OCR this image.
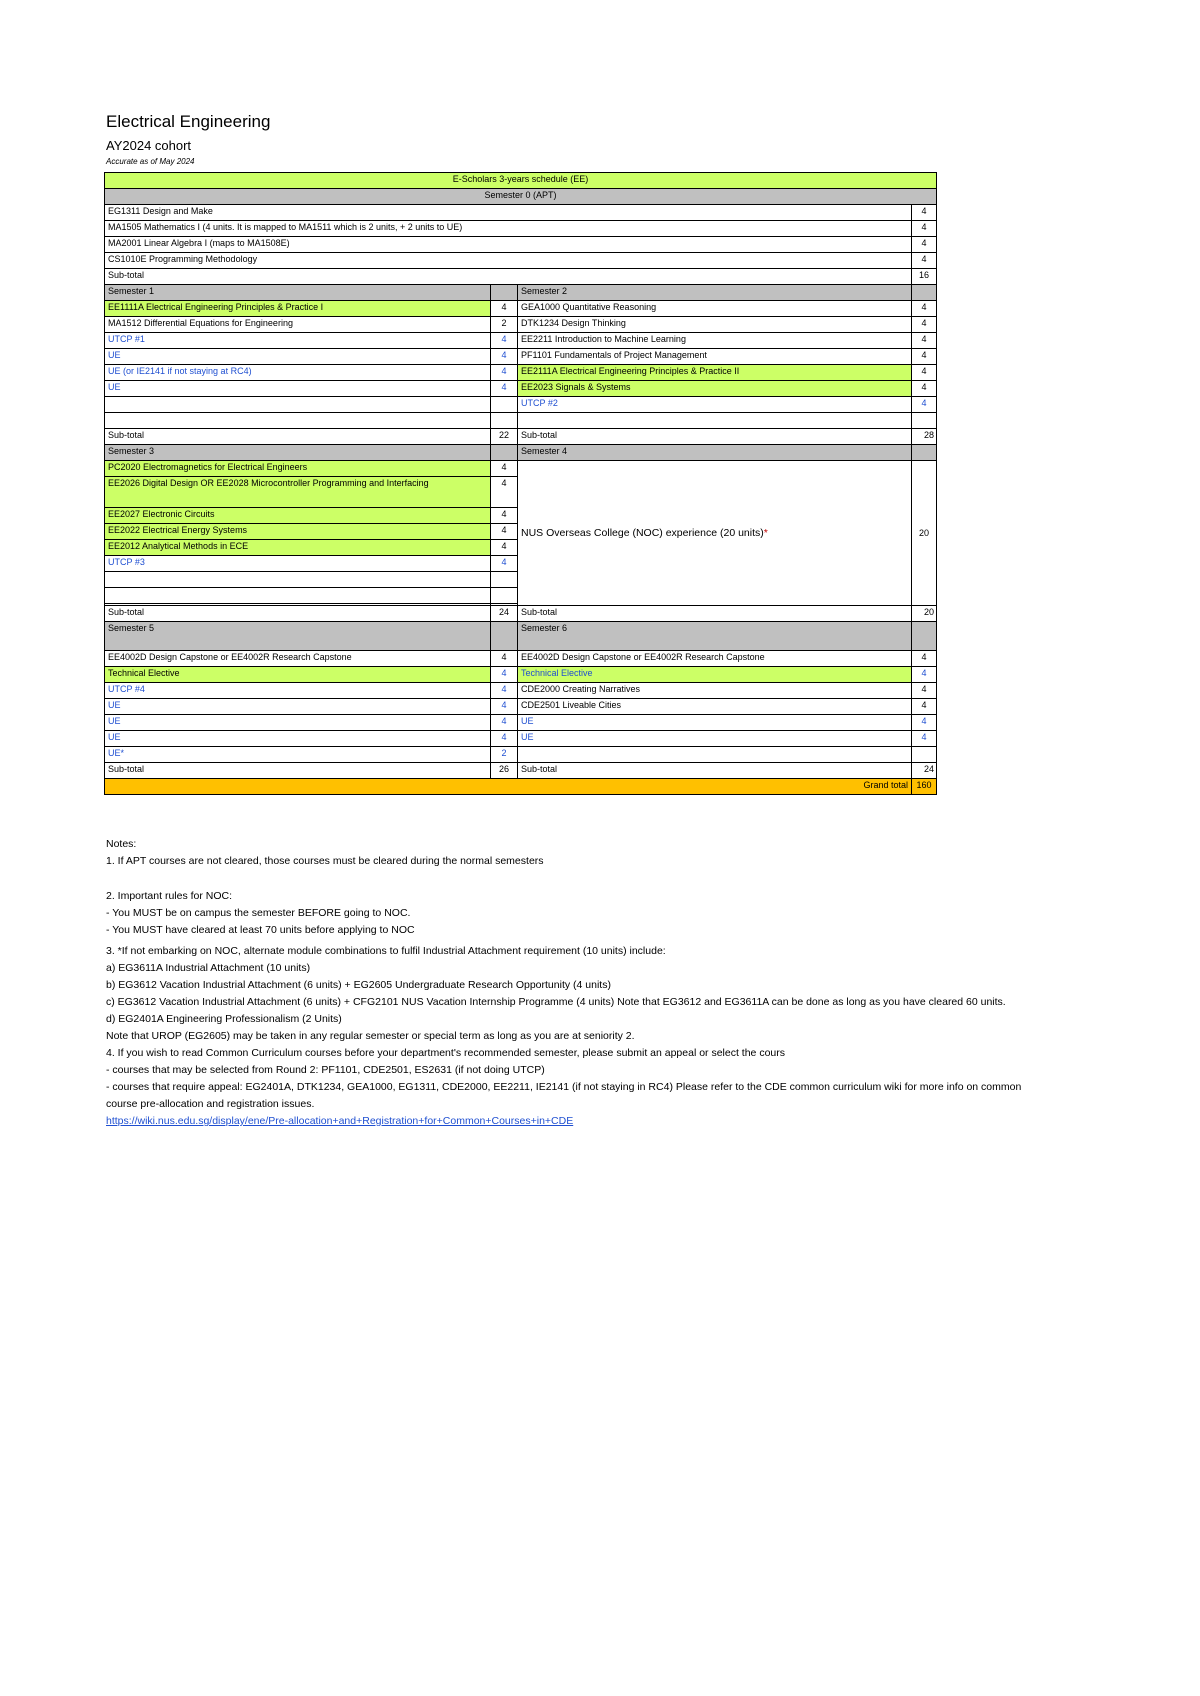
Electrical Engineering
AY2024 cohort
Accurate as of May 2024
E-Scholars 3-years schedule (EE)			
Semester 0 (APT)			
EG1311 Design and Make			4
MA1505 Mathematics I (4 units. It is mapped to MA1511 which is 2 units, + 2 units to UE)			4
MA2001 Linear Algebra I (maps to MA1508E)			4
CS1010E Programming Methodology			4
Sub-total			16
Semester 1		Semester 2	
EE1111A Electrical Engineering Principles & Practice I	4	GEA1000 Quantitative Reasoning	4
MA1512 Differential Equations for Engineering	2	DTK1234 Design Thinking	4
UTCP #1	4	EE2211 Introduction to Machine Learning	4
UE	4	PF1101 Fundamentals of Project Management	4
UE (or IE2141 if not staying at RC4)	4	EE2111A Electrical Engineering Principles & Practice II	4
UE	4	EE2023 Signals & Systems	4
		UTCP #2	4

Sub-total	22	Sub-total	28
Semester 3		Semester 4	
PC2020 Electromagnetics for Electrical Engineers	4	NUS Overseas College (NOC) experience (20 units)*	20
EE2026 Digital Design OR EE2028 Microcontroller Programming and Interfacing	4		
EE2027 Electronic Circuits	4		
EE2022 Electrical Energy Systems	4		
EE2012 Analytical Methods in ECE	4		
UTCP #3	4		

Sub-total	24	Sub-total	20
Semester 5		Semester 6	
EE4002D Design Capstone or EE4002R Research Capstone	4	EE4002D Design Capstone or EE4002R Research Capstone	4
Technical Elective	4	Technical Elective	4
UTCP #4	4	CDE2000 Creating Narratives	4
UE	4	CDE2501 Liveable Cities	4
UE	4	UE	4
UE	4	UE	4
UE*	2		
Sub-total	26	Sub-total	24
Grand total			160

Notes:

1. If APT courses are not cleared, those courses must be cleared during the normal semesters

2. Important rules for NOC:

- You MUST be on campus the semester BEFORE going to NOC.

- You MUST have cleared at least 70 units before applying to NOC

3. *If not embarking on NOC, alternate module combinations to fulfil Industrial Attachment requirement (10 units) include:

a) EG3611A Industrial Attachment (10 units)

b) EG3612 Vacation Industrial Attachment (6 units) + EG2605 Undergraduate Research Opportunity (4 units)

c) EG3612 Vacation Industrial Attachment (6 units) + CFG2101 NUS Vacation Internship Programme (4 units) Note that EG3612 and EG3611A can be done as long as you have cleared 60 units.

d) EG2401A Engineering Professionalism (2 Units)

Note that UROP (EG2605) may be taken in any regular semester or special term as long as you are at seniority 2.

4. If you wish to read Common Curriculum courses before your department's recommended semester, please submit an appeal or select the cours

- courses that may be selected from Round 2: PF1101, CDE2501, ES2631 (if not doing UTCP)

- courses that require appeal: EG2401A, DTK1234, GEA1000, EG1311, CDE2000, EE2211, IE2141 (if not staying in RC4) Please refer to the CDE common curriculum wiki for more info on common

course pre-allocation and registration issues.

https://wiki.nus.edu.sg/display/ene/Pre-allocation+and+Registration+for+Common+Courses+in+CDE
